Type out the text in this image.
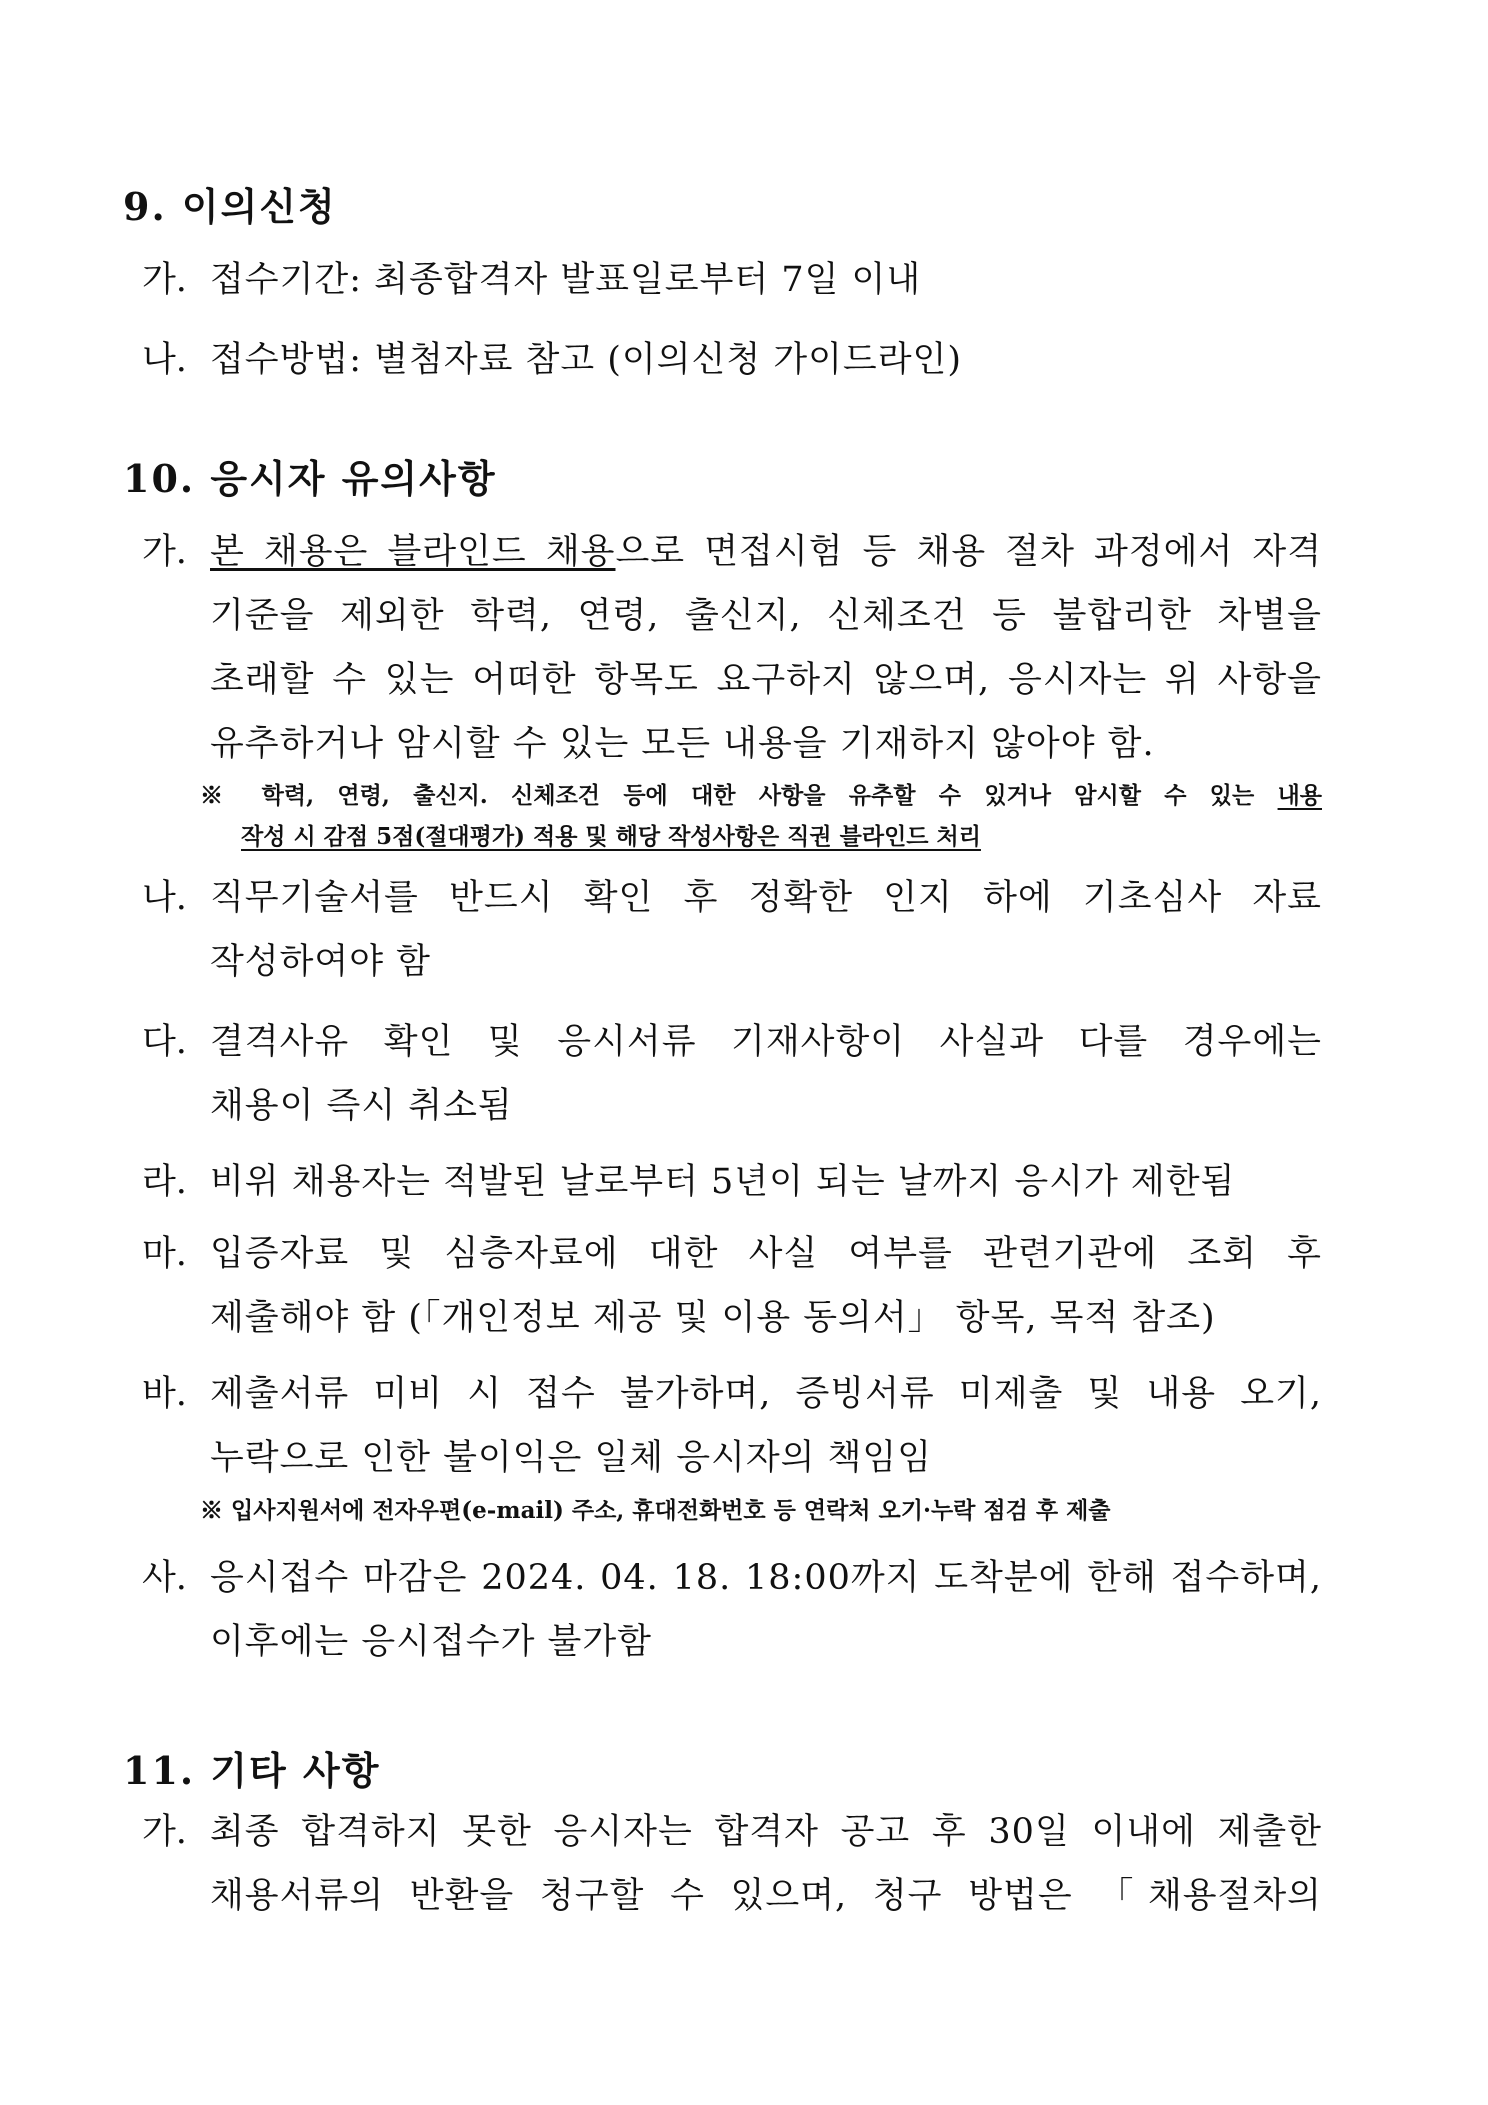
9. 이의신청
가. 접수기간: 최종합격자 발표일로부터 7일 이내
나. 접수방법: 별첨자료 참고 (이의신청 가이드라인)
10. 응시자 유의사항
가. 본 채용은 블라인드 채용으로 면접시험 등 채용 절차 과정에서 자격
기준을 제외한 학력, 연령, 출신지, 신체조건 등 불합리한 차별을
초래할 수 있는 어떠한 항목도 요구하지 않으며, 응시자는 위 사항을
유추하거나 암시할 수 있는 모든 내용을 기재하지 않아야 함.
※ 학력, 연령, 출신지. 신체조건 등에 대한 사항을 유추할 수 있거나 암시할 수 있는 내용
작성 시 감점 5점(절대평가) 적용 및 해당 작성사항은 직권 블라인드 처리
나. 직무기술서를 반드시 확인 후 정확한 인지 하에 기초심사 자료
작성하여야 함
다. 결격사유 확인 및 응시서류 기재사항이 사실과 다를 경우에는
채용이 즉시 취소됨
라. 비위 채용자는 적발된 날로부터 5년이 되는 날까지 응시가 제한됨
마. 입증자료 및 심층자료에 대한 사실 여부를 관련기관에 조회 후
제출해야 함 (「개인정보 제공 및 이용 동의서」 항목, 목적 참조)
바. 제출서류 미비 시 접수 불가하며, 증빙서류 미제출 및 내용 오기,
누락으로 인한 불이익은 일체 응시자의 책임임
※ 입사지원서에 전자우편(e-mail) 주소, 휴대전화번호 등 연락처 오기·누락 점검 후 제출
사. 응시접수 마감은 2024. 04. 18. 18:00까지 도착분에 한해 접수하며,
이후에는 응시접수가 불가함
11. 기타 사항
가. 최종 합격하지 못한 응시자는 합격자 공고 후 30일 이내에 제출한
채용서류의 반환을 청구할 수 있으며, 청구 방법은 「채용절차의
